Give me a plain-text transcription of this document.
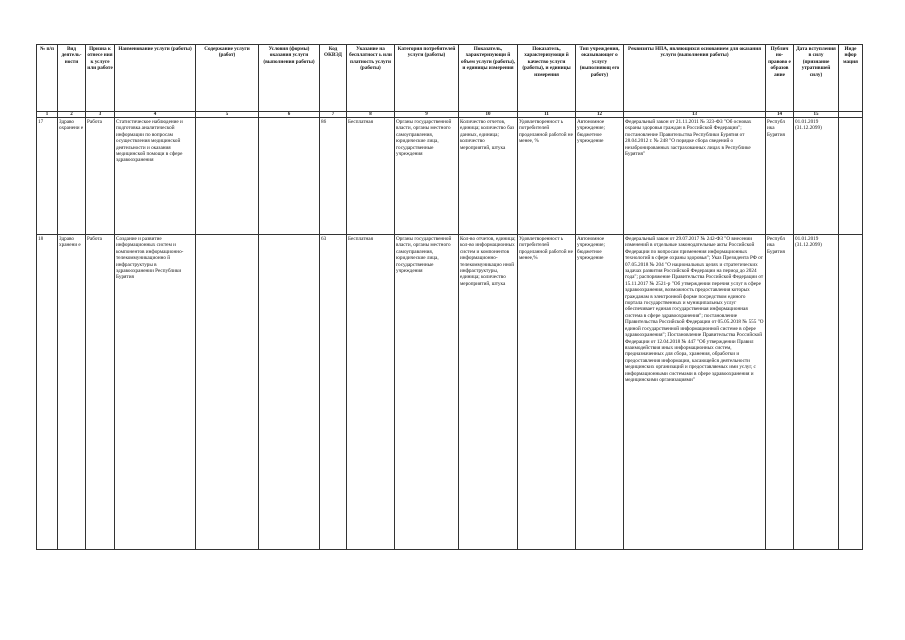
№ п/п	Вид деятель- ности	Призна к отнесе ния к услуге или работе	Наименование услуги (работы)	Содержание услуги (работ)	Условия (формы) оказания услуги (выполнения работы)	Код ОКВЭД	Указание на бесплатност ь или платность услуги (работы)	Категория потребителей услуги (работы)	Показатель, характеризующи й объем услуги (работы), и единицы измерения	Показатель, характеризующи й качество услуги (работы), и единицы измерения	Тип учреждения, оказывающег о услугу (выполняющ его работу)	Реквизиты НПА, являющихся основанием для оказания услуги (выполнения работы)	Публич но- правово е образов ание	Дата вступления в силу (признание утратившей силу)	Инде нфор мация
1	2	3	4	5	6	7	8	9	10	11	12	13	14	15	
17	Здраво охранени е	Работа	Статистическое наблюдение и подготовка аналитической информации по вопросам осуществления медицинской деятельности и оказания медицинской помощи в сфере здравоохранения			86	Бесплатная	Органы государственной власти, органы местного самоуправления, юридические лица, государственные учреждения	Количество отчетов, единица; количество баз данных, единица; количество мероприятий, штука	Удовлетворенност ь потребителей проделанной работой не менее, %	Автономное учреждение; бюджетное учреждение	Федеральный закон от 21.11.2011 № 323-ФЗ "Об основах охраны здоровья граждан в Российской Федерации"; постановление Правительства Республики Бурятия от 28.04.2012 г. № 248 "О порядке сбора сведений о незабронированных застрахованных лицах в Республике Бурятия"	Республ ика Бурятия	01.01.2019 (31.12.2099)	
18	Здраво хранени е	Работа	Создание и развитие информационных систем и компонентов информационно-телекоммуникационно й инфраструктуры в здравоохранении Республики Бурятия			63	Бесплатная	Органы государственной власти, органы местного самоуправления, юридические лица, государственные учреждения	Кол-во отчетов, единица; кол-во информационных систем и компонентов информационно-телекоммуникацио нной инфраструктуры, единица; количество мероприятий, штука	Удовлетворенност ь потребителей проделанной работой не менее,%	Автономное учреждение; бюджетное учреждение	Федеральный закон от 29.07.2017 № 242-ФЗ "О внесении изменений в отдельные законодательные акты Российской Федерации по вопросам применения информационных технологий в сфере охраны здоровья"; Указ Президента РФ от 07.05.2018 № 204 "О национальных целях и стратегических задачах развития Российской Федерации на период до 2024 года"; распоряжение Правительства Российской Федерации от 15.11.2017 № 2521-р "Об утверждении перечня услуг в сфере здравоохранения, возможность предоставления которых гражданам в электронной форме посредством единого портала государственных и муниципальных услуг обеспечивает единая государственная информационная система в сфере здравоохранения"; постановление Правительства Российской Федерации от 05.05.2018 № 555 "О единой государственной информационной системе в сфере здравоохранения"; Постановление Правительства Российской Федерации от 12.04.2018 № 447 "Об утверждении Правил взаимодействия иных информационных систем, предназначенных для сбора, хранения, обработки и предоставления информации, касающейся деятельности медицинских организаций и предоставляемых ими услуг, с информационными системами в сфере здравоохранения и медицинскими организациями"	Республ ика Бурятия	01.01.2019 (31.12.2099)	
